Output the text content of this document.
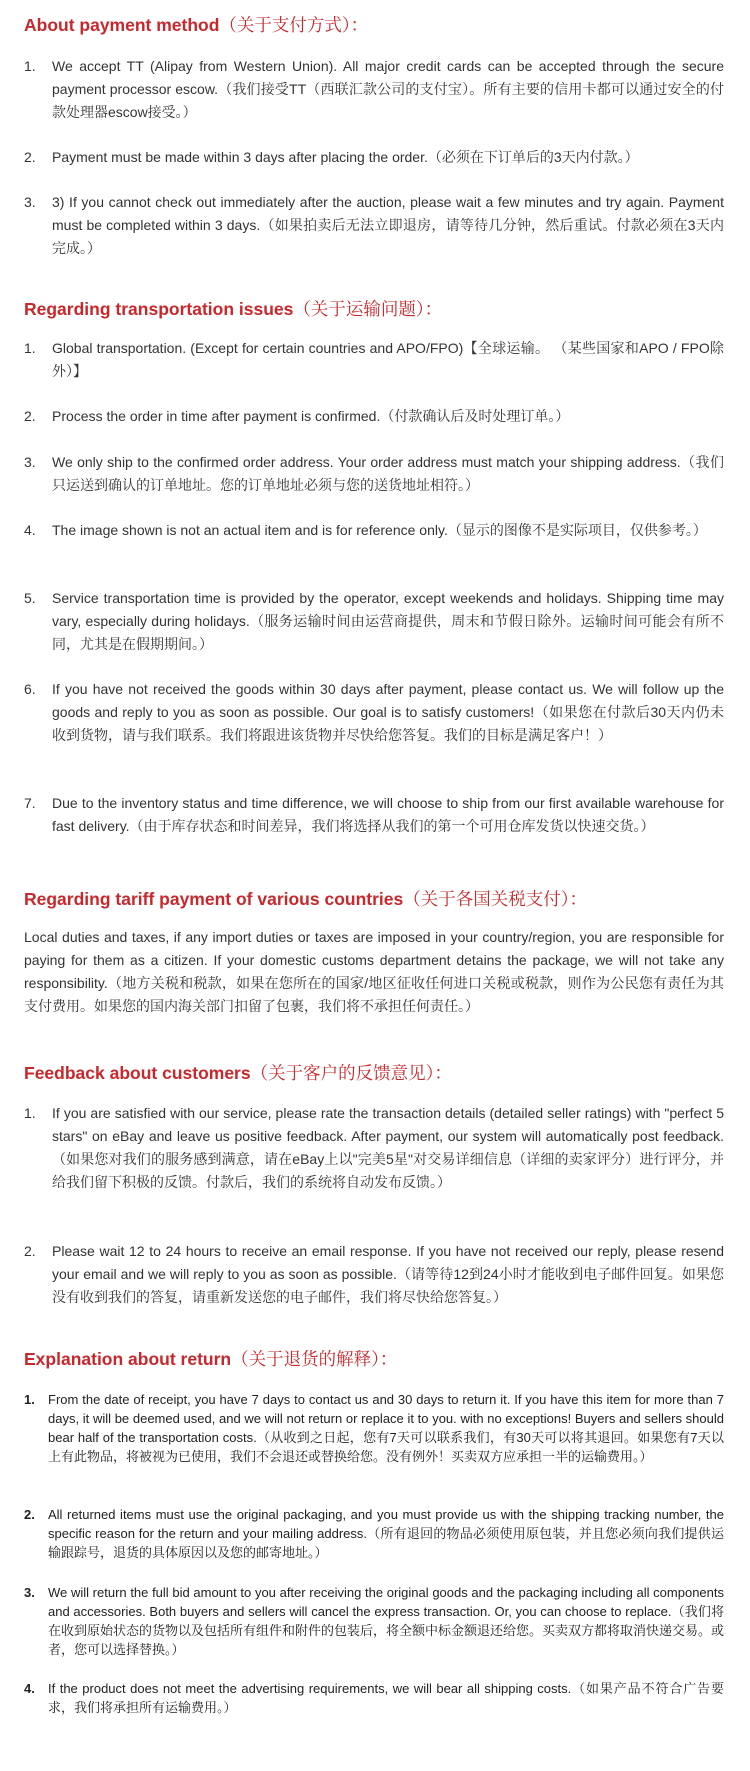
About payment method（关于支付方式）：
1. We accept TT (Alipay from Western Union). All major credit cards can be accepted through the secure payment processor escow.（我们接受TT（西联汇款公司的支付宝）。所有主要的信用卡都可以通过安全的付款处理器escow接受。）
2. Payment must be made within 3 days after placing the order.（必须在下订单后的3天内付款。）
3. 3) If you cannot check out immediately after the auction, please wait a few minutes and try again. Payment must be completed within 3 days.（如果拍卖后无法立即退房，请等待几分钟，然后重试。付款必须在3天内完成。）
Regarding transportation issues（关于运输问题）：
1. Global transportation. (Except for certain countries and APO/FPO)【全球运输。 （某些国家和APO / FPO除外）】
2. Process the order in time after payment is confirmed.（付款确认后及时处理订单。）
3. We only ship to the confirmed order address. Your order address must match your shipping address.（我们只运送到确认的订单地址。您的订单地址必须与您的送货地址相符。）
4. The image shown is not an actual item and is for reference only.（显示的图像不是实际项目，仅供参考。）
5. Service transportation time is provided by the operator, except weekends and holidays. Shipping time may vary, especially during holidays.（服务运输时间由运营商提供，周末和节假日除外。运输时间可能会有所不同，尤其是在假期期间。）
6. If you have not received the goods within 30 days after payment, please contact us. We will follow up the goods and reply to you as soon as possible. Our goal is to satisfy customers!（如果您在付款后30天内仍未收到货物，请与我们联系。我们将跟进该货物并尽快给您答复。我们的目标是满足客户！）
7. Due to the inventory status and time difference, we will choose to ship from our first available warehouse for fast delivery.（由于库存状态和时间差异，我们将选择从我们的第一个可用仓库发货以快速交货。）
Regarding tariff payment of various countries（关于各国关税支付）：
Local duties and taxes, if any import duties or taxes are imposed in your country/region, you are responsible for paying for them as a citizen. If your domestic customs department detains the package, we will not take any responsibility.（地方关税和税款，如果在您所在的国家/地区征收任何进口关税或税款，则作为公民您有责任为其支付费用。如果您的国内海关部门扣留了包裹，我们将不承担任何责任。）
Feedback about customers（关于客户的反馈意见）：
1. If you are satisfied with our service, please rate the transaction details (detailed seller ratings) with "perfect 5 stars" on eBay and leave us positive feedback. After payment, our system will automatically post feedback.（如果您对我们的服务感到满意，请在eBay上以"完美5星"对交易详细信息（详细的卖家评分）进行评分，并给我们留下积极的反馈。付款后，我们的系统将自动发布反馈。）
2. Please wait 12 to 24 hours to receive an email response. If you have not received our reply, please resend your email and we will reply to you as soon as possible.（请等待12到24小时才能收到电子邮件回复。如果您没有收到我们的答复，请重新发送您的电子邮件，我们将尽快给您答复。）
Explanation about return（关于退货的解释）：
1. From the date of receipt, you have 7 days to contact us and 30 days to return it. If you have this item for more than 7 days, it will be deemed used, and we will not return or replace it to you. with no exceptions! Buyers and sellers should bear half of the transportation costs.（从收到之日起，您有7天可以联系我们，有30天可以将其退回。如果您有7天以上有此物品，将被视为已使用，我们不会退还或替换给您。没有例外！买卖双方应承担一半的运输费用。）
2. All returned items must use the original packaging, and you must provide us with the shipping tracking number, the specific reason for the return and your mailing address.（所有退回的物品必须使用原包装，并且您必须向我们提供运输跟踪号，退货的具体原因以及您的邮寄地址。）
3. We will return the full bid amount to you after receiving the original goods and the packaging including all components and accessories. Both buyers and sellers will cancel the express transaction. Or, you can choose to replace.（我们将在收到原始状态的货物以及包括所有组件和附件的包装后，将全额中标金额退还给您。买卖双方都将取消快递交易。或者，您可以选择替换。）
4. If the product does not meet the advertising requirements, we will bear all shipping costs.（如果产品不符合广告要求，我们将承担所有运输费用。）
